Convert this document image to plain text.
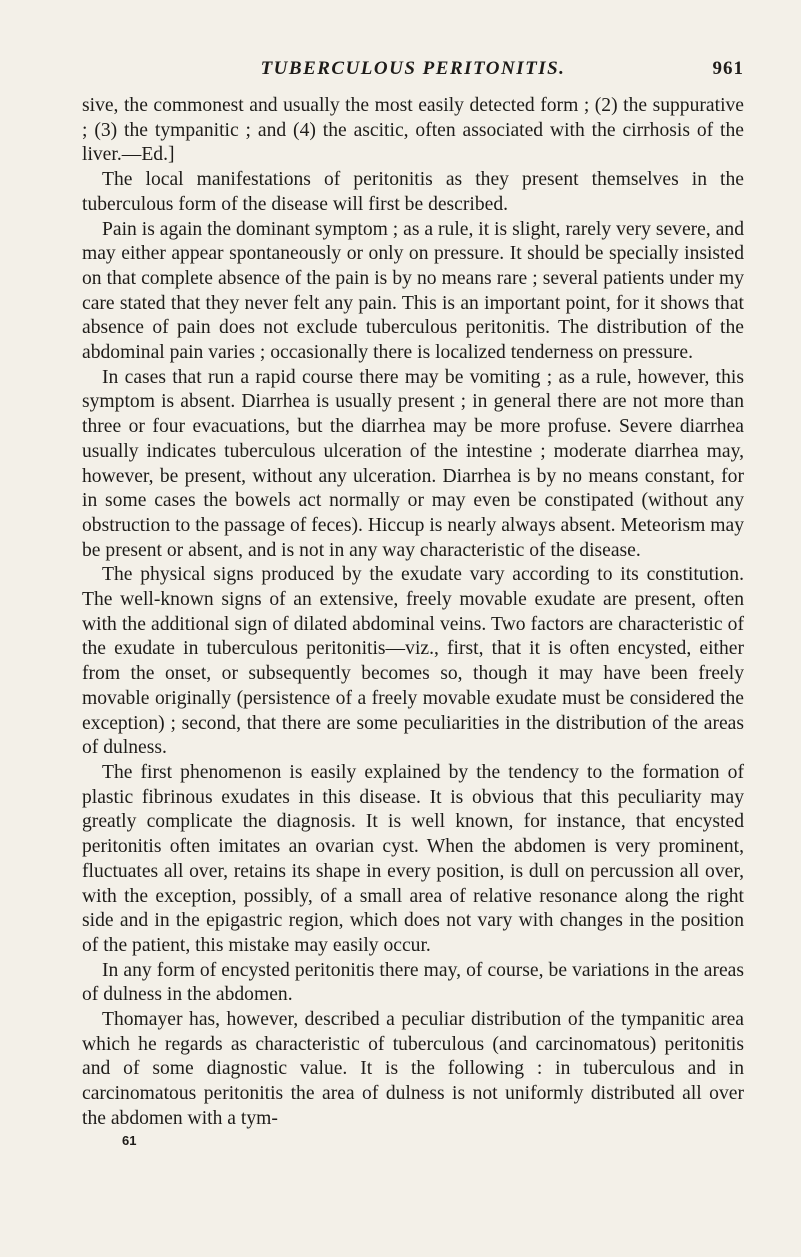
TUBERCULOUS PERITONITIS.	961

sive, the commonest and usually the most easily detected form ; (2) the suppurative ; (3) the tympanitic ; and (4) the ascitic, often associated with the cirrhosis of the liver.—Ed.]

The local manifestations of peritonitis as they present themselves in the tuberculous form of the disease will first be described.

Pain is again the dominant symptom ; as a rule, it is slight, rarely very severe, and may either appear spontaneously or only on pressure. It should be specially insisted on that complete absence of the pain is by no means rare ; several patients under my care stated that they never felt any pain. This is an important point, for it shows that absence of pain does not exclude tuberculous peritonitis. The distribution of the abdominal pain varies ; occasionally there is localized tenderness on pressure.

In cases that run a rapid course there may be vomiting ; as a rule, however, this symptom is absent. Diarrhea is usually present ; in general there are not more than three or four evacuations, but the diarrhea may be more profuse. Severe diarrhea usually indicates tuberculous ulceration of the intestine ; moderate diarrhea may, however, be present, without any ulceration. Diarrhea is by no means constant, for in some cases the bowels act normally or may even be constipated (without any obstruction to the passage of feces). Hiccup is nearly always absent. Meteorism may be present or absent, and is not in any way characteristic of the disease.

The physical signs produced by the exudate vary according to its constitution. The well-known signs of an extensive, freely movable exudate are present, often with the additional sign of dilated abdominal veins. Two factors are characteristic of the exudate in tuberculous peritonitis—viz., first, that it is often encysted, either from the onset, or subsequently becomes so, though it may have been freely movable originally (persistence of a freely movable exudate must be considered the exception) ; second, that there are some peculiarities in the distribution of the areas of dulness.

The first phenomenon is easily explained by the tendency to the formation of plastic fibrinous exudates in this disease. It is obvious that this peculiarity may greatly complicate the diagnosis. It is well known, for instance, that encysted peritonitis often imitates an ovarian cyst. When the abdomen is very prominent, fluctuates all over, retains its shape in every position, is dull on percussion all over, with the exception, possibly, of a small area of relative resonance along the right side and in the epigastric region, which does not vary with changes in the position of the patient, this mistake may easily occur.

In any form of encysted peritonitis there may, of course, be variations in the areas of dulness in the abdomen.

Thomayer has, however, described a peculiar distribution of the tympanitic area which he regards as characteristic of tuberculous (and carcinomatous) peritonitis and of some diagnostic value. It is the following : in tuberculous and in carcinomatous peritonitis the area of dulness is not uniformly distributed all over the abdomen with a tym-

61
